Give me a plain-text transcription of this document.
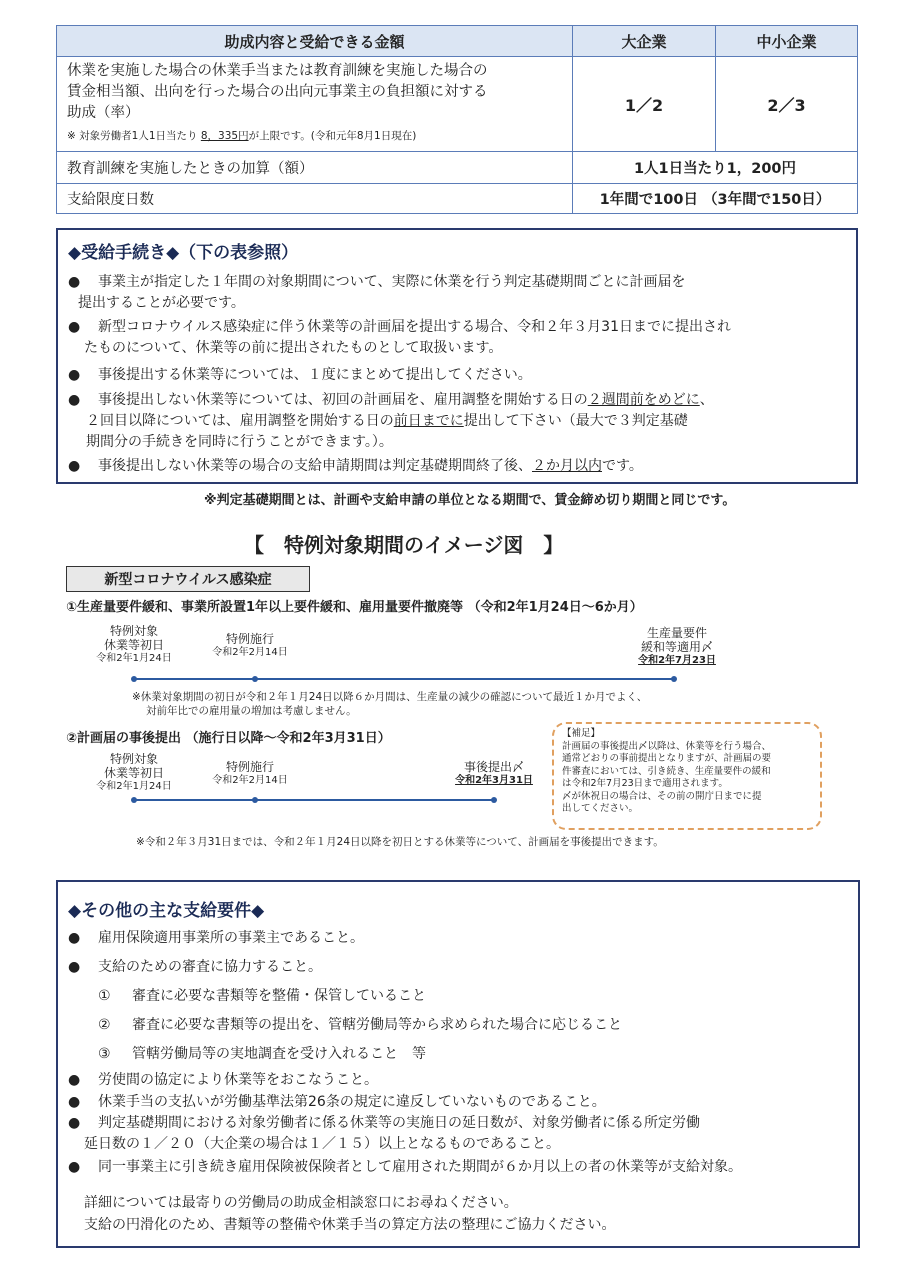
助成内容と受給できる金額	大企業	中小企業

休業を実施した場合の休業手当または教育訓練を実施した場合の
賃金相当額、出向を行った場合の出向元事業主の負担額に対する
助成（率）
※ 対象労働者1人1日当たり 8，335円が上限です。(令和元年8月1日現在)	1／2	2／3
教育訓練を実施したときの加算（額）	1人1日当たり1，200円	
支給限度日数	1年間で100日 （3年間で150日）	
◆受給手続き◆（下の表参照）
● 事業主が指定した１年間の対象期間について、実際に休業を行う判定基礎期間ごとに計画届を
提出することが必要です。
● 新型コロナウイルス感染症に伴う休業等の計画届を提出する場合、令和２年３月31日までに提出され
たものについて、休業等の前に提出されたものとして取扱います。
● 事後提出する休業等については、１度にまとめて提出してください。
● 事後提出しない休業等については、初回の計画届を、雇用調整を開始する日の２週間前をめどに、
２回目以降については、雇用調整を開始する日の前日までに提出して下さい（最大で３判定基礎
期間分の手続きを同時に行うことができます。）。
● 事後提出しない休業等の場合の支給申請期間は判定基礎期間終了後、２か月以内です。
※判定基礎期間とは、計画や支給申請の単位となる期間で、賃金締め切り期間と同じです。
【　特例対象期間のイメージ図　】
新型コロナウイルス感染症
①生産量要件緩和、事業所設置1年以上要件緩和、雇用量要件撤廃等 （令和2年1月24日～6か月）
特例対象
休業等初日
令和2年1月24日
特例施行
令和2年2月14日
生産量要件
緩和等適用〆
令和2年7月23日
※休業対象期間の初日が令和２年１月24日以降６か月間は、生産量の減少の確認について最近１か月でよく、
対前年比での雇用量の増加は考慮しません。
②計画届の事後提出 （施行日以降～令和2年3月31日）
特例対象
休業等初日
令和2年1月24日
特例施行
令和2年2月14日
事後提出〆
令和2年3月31日
【補足】
計画届の事後提出〆以降は、休業等を行う場合、
通常どおりの事前提出となりますが、計画届の要
件審査においては、引き続き、生産量要件の緩和
は令和2年7月23日まで適用されます。
〆が休祝日の場合は、その前の開庁日までに提
出してください。
※令和２年３月31日までは、令和２年１月24日以降を初日とする休業等について、計画届を事後提出できます。
◆その他の主な支給要件◆
● 雇用保険適用事業所の事業主であること。
● 支給のための審査に協力すること。
① 審査に必要な書類等を整備・保管していること
② 審査に必要な書類等の提出を、管轄労働局等から求められた場合に応じること
③ 管轄労働局等の実地調査を受け入れること　等
● 労使間の協定により休業等をおこなうこと。
● 休業手当の支払いが労働基準法第26条の規定に違反していないものであること。
● 判定基礎期間における対象労働者に係る休業等の実施日の延日数が、対象労働者に係る所定労働
延日数の１／２０（大企業の場合は１／１５）以上となるものであること。
● 同一事業主に引き続き雇用保険被保険者として雇用された期間が６か月以上の者の休業等が支給対象。
詳細については最寄りの労働局の助成金相談窓口にお尋ねください。
支給の円滑化のため、書類等の整備や休業手当の算定方法の整理にご協力ください。
